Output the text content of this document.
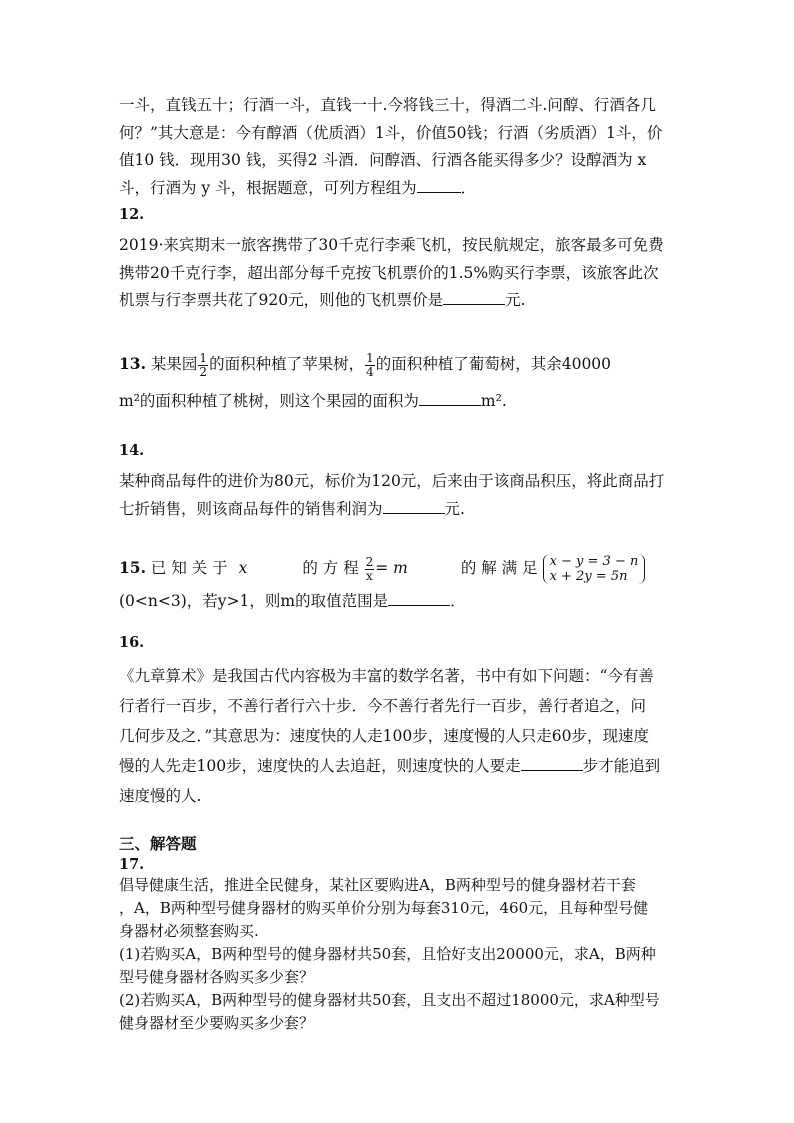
一斗，直钱五十；行酒一斗，直钱一十.今将钱三十，得酒二斗.问醇、行酒各几
何？”其大意是：今有醇酒（优质酒）1斗，价值50钱；行酒（劣质酒）1斗，价
值10 钱．现用30 钱，买得2 斗酒．问醇酒、行酒各能买得多少？设醇酒为 x
斗，行酒为 y 斗，根据题意，可列方程组为	．
12.
2019·来宾期末一旅客携带了30千克行李乘飞机，按民航规定，旅客最多可免费
携带20千克行李，超出部分每千克按飞机票价的1.5%购买行李票，该旅客此次
机票与行李票共花了920元，则他的飞机票价是	元.
13. 某果园 $\frac{1}{2}$ 的面积种植了苹果树， $\frac{1}{4}$ 的面积种植了葡萄树，其余40000
m²的面积种植了桃树，则这个果园的面积为	m².
14.
某种商品每件的进价为80元，标价为120元，后来由于该商品积压，将此商品打
七折销售，则该商品每件的销售利润为	元.
15. 已 知 关 于 x	的 方 程 $\frac{2}{x} = m$	的 解 满 足 x − y = 3 − n
x + 2y = 5n
(0<n<3)，若y>1，则m的取值范围是	．
16.
《九章算术》是我国古代内容极为丰富的数学名著，书中有如下问题：“今有善
行者行一百步，不善行者行六十步．今不善行者先行一百步，善行者追之，问
几何步及之．”其意思为：速度快的人走100步，速度慢的人只走60步，现速度
慢的人先走100步，速度快的人去追赶，则速度快的人要走	步才能追到
速度慢的人.
三、解答题
17.
倡导健康生活，推进全民健身，某社区要购进A，B两种型号的健身器材若干套
，A，B两种型号健身器材的购买单价分别为每套310元，460元，且每种型号健
身器材必须整套购买.
(1)若购买A，B两种型号的健身器材共50套，且恰好支出20000元，求A，B两种
型号健身器材各购买多少套？
(2)若购买A，B两种型号的健身器材共50套，且支出不超过18000元，求A种型号
健身器材至少要购买多少套？
